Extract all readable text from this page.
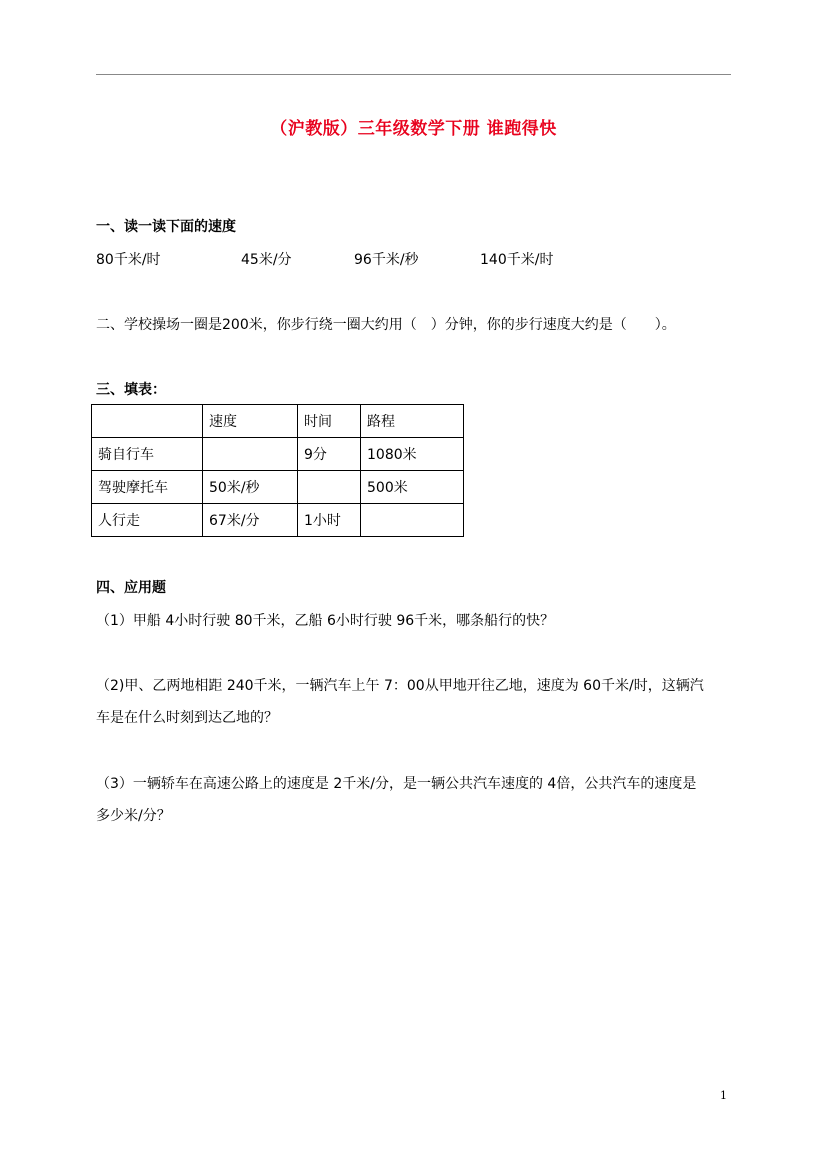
（沪教版）三年级数学下册 谁跑得快
一、读一读下面的速度
80千米/时	45米/分	96千米/秒	140千米/时
二、学校操场一圈是200米，你步行绕一圈大约用（　）分钟，你的步行速度大约是（　　）。
三、填表：
	速度	时间	路程
骑自行车		9分	1080米
驾驶摩托车	50米/秒		500米
人行走	67米/分	1小时	
四、应用题
（1）甲船 4小时行驶 80千米，乙船 6小时行驶 96千米，哪条船行的快？
（2)甲、乙两地相距 240千米，一辆汽车上午 7：00从甲地开往乙地，速度为 60千米/时，这辆汽
车是在什么时刻到达乙地的？
（3）一辆轿车在高速公路上的速度是 2千米/分，是一辆公共汽车速度的 4倍，公共汽车的速度是
多少米/分？
1
